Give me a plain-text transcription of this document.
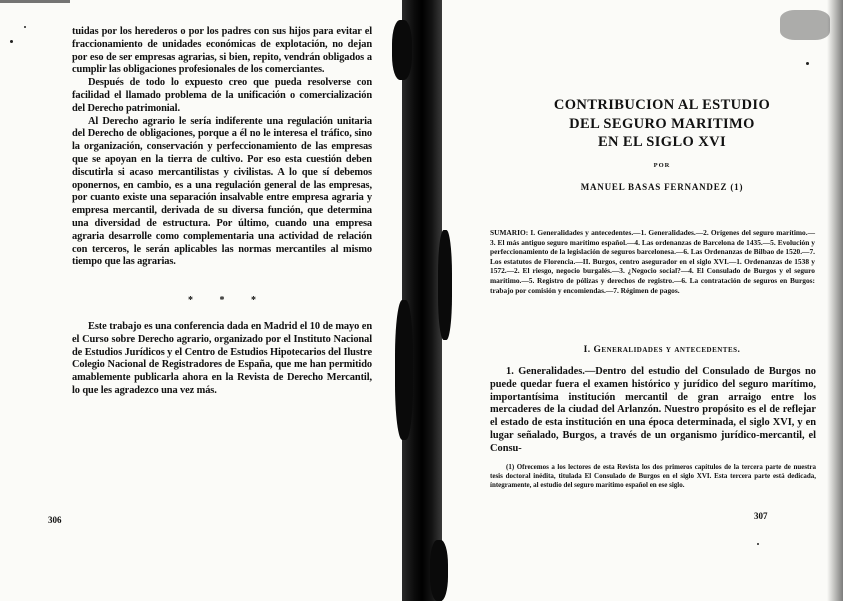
tuidas por los herederos o por los padres con sus hijos para evitar el fraccionamiento de unidades económicas de explotación, no dejan por eso de ser empresas agrarias, si bien, repito, vendrán obligados a cumplir las obligaciones profesionales de los comerciantes.

Después de todo lo expuesto creo que pueda resolverse con facilidad el llamado problema de la unificación o comercialización del Derecho patrimonial.

Al Derecho agrario le sería indiferente una regulación unitaria del Derecho de obligaciones, porque a él no le interesa el tráfico, sino la organización, conservación y perfeccionamiento de las empresas que se apoyan en la tierra de cultivo. Por eso esta cuestión deben discutirla si acaso mercantilistas y civilistas. A lo que sí debemos oponernos, en cambio, es a una regulación general de las empresas, por cuanto existe una separación insalvable entre empresa agraria y empresa mercantil, derivada de su diversa función, que determina una diversidad de estructura. Por último, cuando una empresa agraria desarrolle como complementaria una actividad de relación con terceros, le serán aplicables las normas mercantiles al mismo tiempo que las agrarias.

* * *
Este trabajo es una conferencia dada en Madrid el 10 de mayo en el Curso sobre Derecho agrario, organizado por el Instituto Nacional de Estudios Jurídicos y el Centro de Estudios Hipotecarios del Ilustre Colegio Nacional de Registradores de España, que me han permitido amablemente publicarla ahora en la Revista de Derecho Mercantil, lo que les agradezco una vez más.
306
CONTRIBUCION AL ESTUDIO
DEL SEGURO MARITIMO
EN EL SIGLO XVI
POR
MANUEL BASAS FERNANDEZ (1)

SUMARIO: I. Generalidades y antecedentes.—1. Generalidades.—2. Orígenes del seguro marítimo.—3. El más antiguo seguro marítimo español.—4. Las ordenanzas de Barcelona de 1435.—5. Evolución y perfeccionamiento de la legislación de seguros barcelonesa.—6. Las Ordenanzas de Bilbao de 1520.—7. Los estatutos de Florencia.—II. Burgos, centro asegurador en el siglo XVI.—1. Ordenanzas de 1538 y 1572.—2. El riesgo, negocio burgalés.—3. ¿Negocio social?—4. El Consulado de Burgos y el seguro marítimo.—5. Registro de pólizas y derechos de registro.—6. La contratación de seguros en Burgos: trabajo por comisión y encomiendas.—7. Régimen de pagos.

I. Generalidades y antecedentes.

1. Generalidades.—Dentro del estudio del Consulado de Burgos no puede quedar fuera el examen histórico y jurídico del seguro marítimo, importantísima institución mercantil de gran arraigo entre los mercaderes de la ciudad del Arlanzón. Nuestro propósito es el de reflejar el estado de esta institución en una época determinada, el siglo XVI, y en lugar señalado, Burgos, a través de un organismo jurídico-mercantil, el Consu-

(1) Ofrecemos a los lectores de esta Revista los dos primeros capítulos de la tercera parte de nuestra tesis doctoral inédita, titulada El Consulado de Burgos en el siglo XVI. Esta tercera parte está dedicada, íntegramente, al estudio del seguro marítimo español en ese siglo.

307
